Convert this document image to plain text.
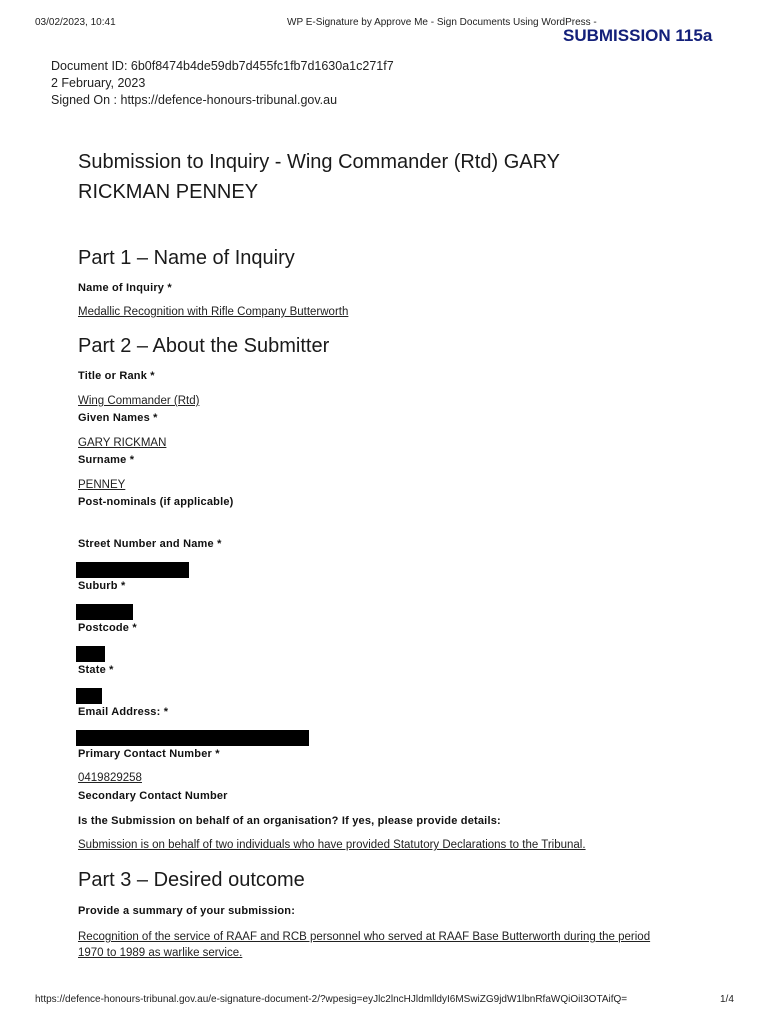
03/02/2023, 10:41	WP E-Signature by Approve Me - Sign Documents Using WordPress -
SUBMISSION 115a
Document ID: 6b0f8474b4de59db7d455fc1fb7d1630a1c271f7
2 February, 2023
Signed On : https://defence-honours-tribunal.gov.au
Submission to Inquiry - Wing Commander (Rtd) GARY RICKMAN PENNEY
Part 1 – Name of Inquiry
Name of Inquiry *
Medallic Recognition with Rifle Company Butterworth
Part 2 – About the Submitter
Title or Rank *
Wing Commander (Rtd)
Given Names *
GARY RICKMAN
Surname *
PENNEY
Post-nominals (if applicable)
Street Number and Name *
Suburb *
Postcode *
State *
Email Address: *
Primary Contact Number *
0419829258
Secondary Contact Number
Is the Submission on behalf of an organisation? If yes, please provide details:
Submission is on behalf of two individuals who have provided Statutory Declarations to the Tribunal.
Part 3 – Desired outcome
Provide a summary of your submission:
Recognition of the service of RAAF and RCB personnel who served at RAAF Base Butterworth during the period 1970 to 1989 as warlike service.
https://defence-honours-tribunal.gov.au/e-signature-document-2/?wpesig=eyJlc2lncHJldmlldyI6MSwiZG9jdW1lbnRfaWQiOiI3OTAifQ=	1/4
